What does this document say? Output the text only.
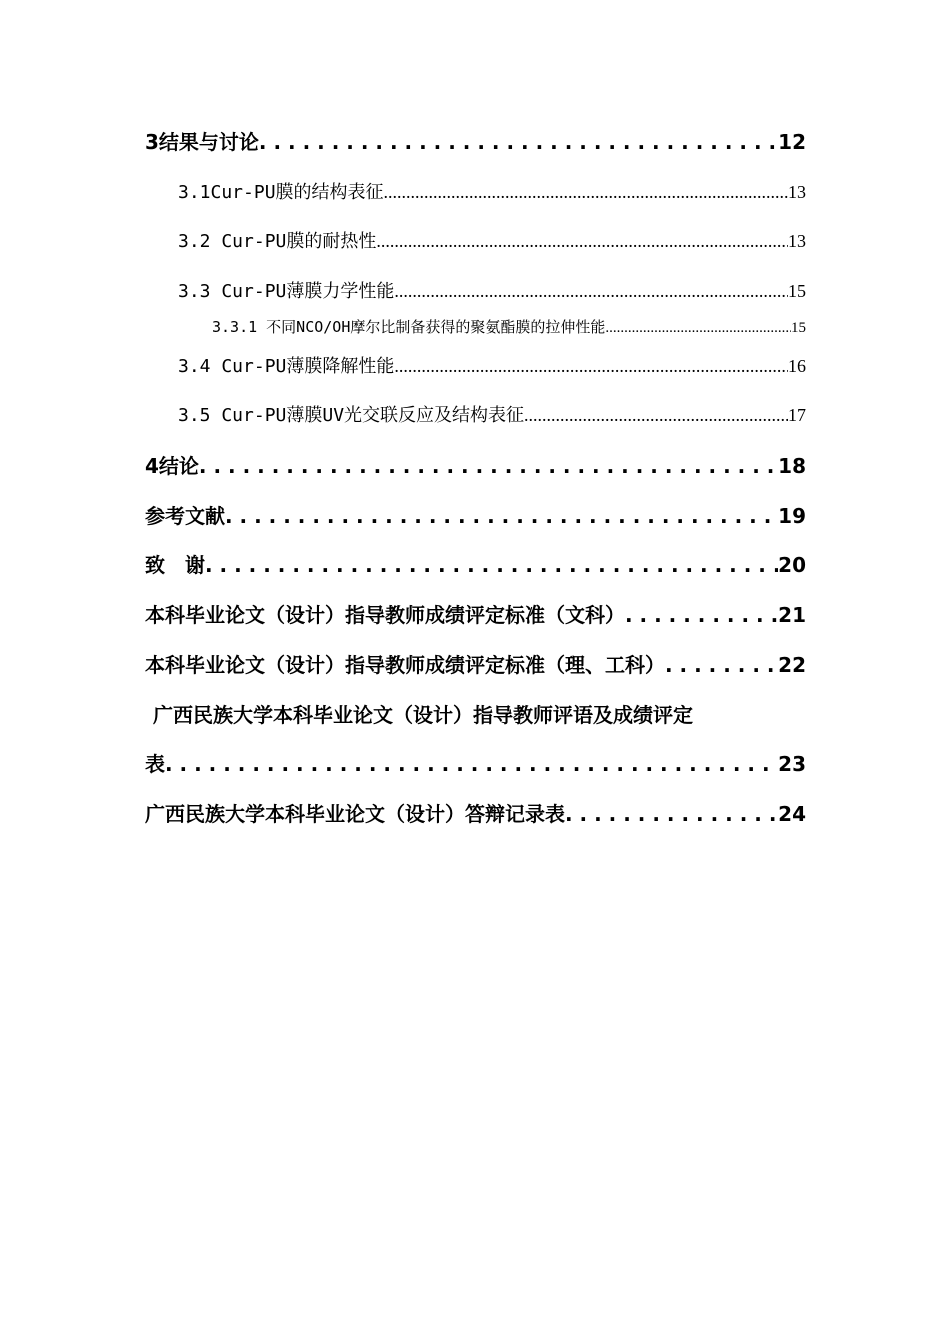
3结果与讨论 . . .	12
3.1Cur-PU膜的结构表征 .....	13
3.2 Cur-PU膜的耐热性 .....	13
3.3 Cur-PU薄膜力学性能 .....	15
3.3.1 不同NCO/OH摩尔比制备获得的聚氨酯膜的拉伸性能 .....	15
3.4 Cur-PU薄膜降解性能 .....	16
3.5 Cur-PU薄膜UV光交联反应及结构表征 .....	17
4结论 . . .	18
参考文献 . . .	19
致　谢 . . .	20
本科毕业论文（设计）指导教师成绩评定标准（文科） . . .	21
本科毕业论文（设计）指导教师成绩评定标准（理、工科） . . .	22
广西民族大学本科毕业论文（设计）指导教师评语及成绩评定
表 . . .	23
广西民族大学本科毕业论文（设计）答辩记录表 . . .	24
